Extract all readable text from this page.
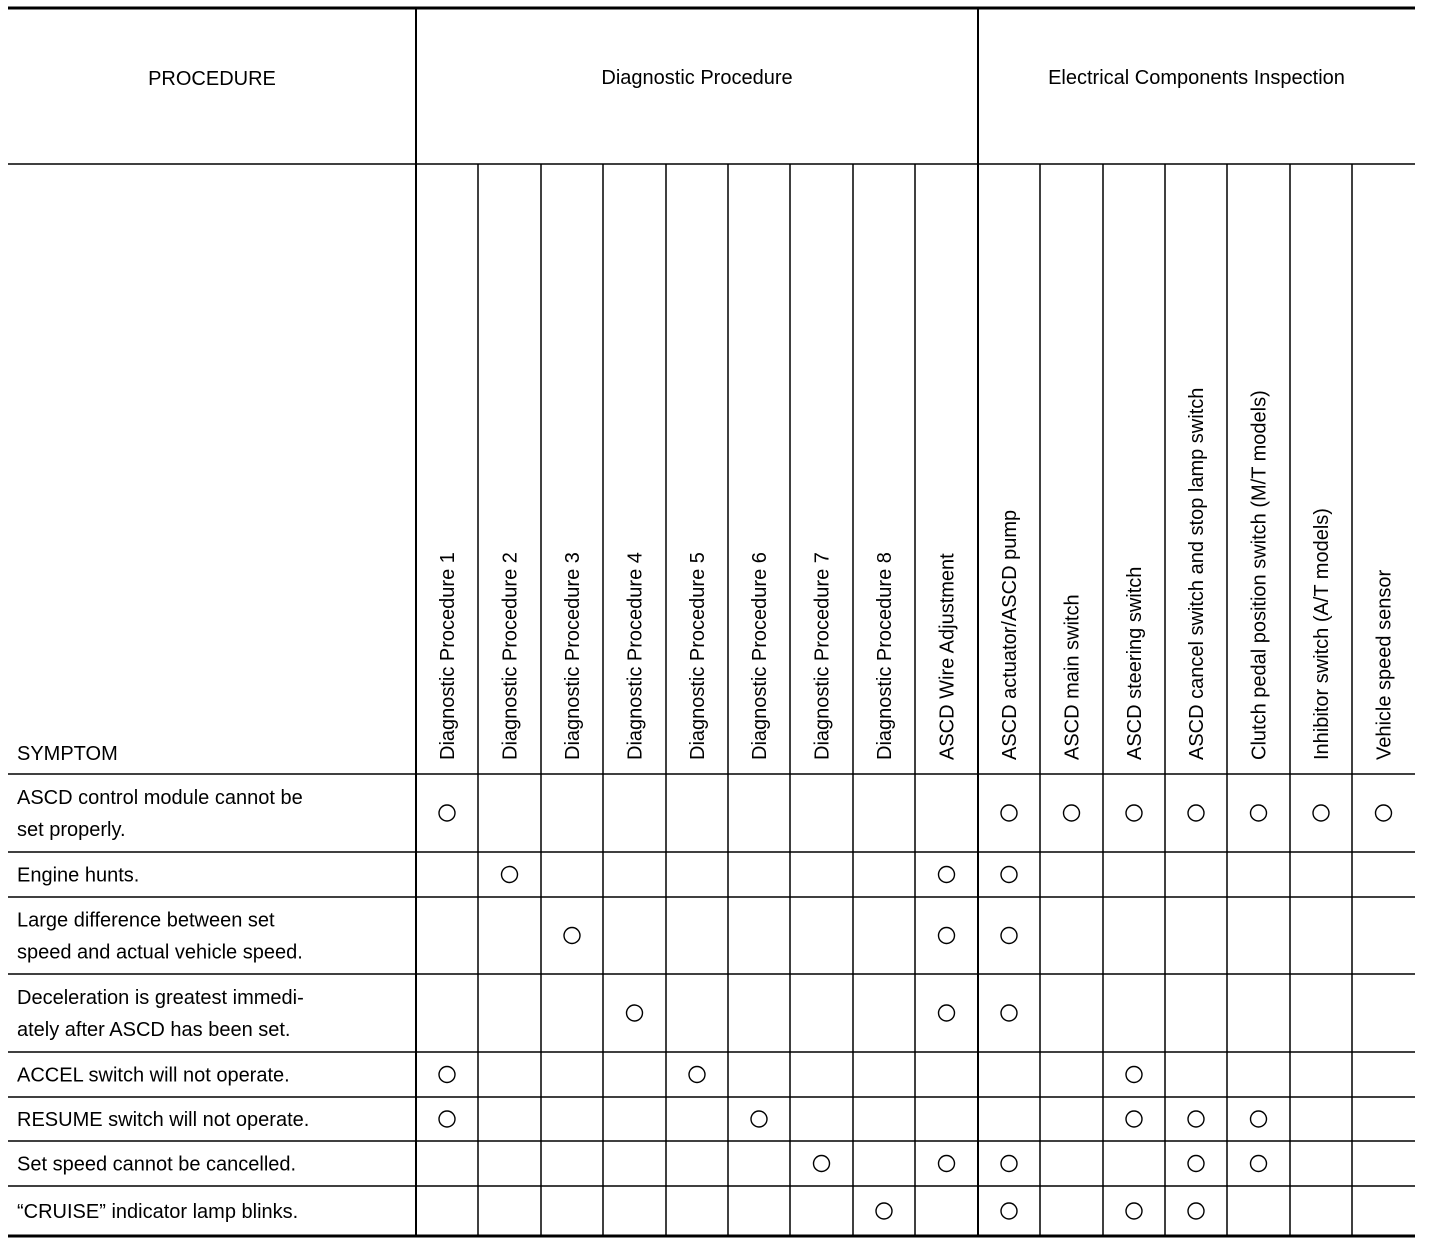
PROCEDURE
SYMPTOM
Diagnostic Procedure	Electrical Components Inspection
Diagnostic Procedure 1 Diagnostic Procedure 2 Diagnostic Procedure 3 Diagnostic Procedure 4 Diagnostic Procedure 5 Diagnostic Procedure 6 Diagnostic Procedure 7 Diagnostic Procedure 8 ASCD Wire Adjustment ASCD actuator/ASCD pump ASCD main switch ASCD steering switch ASCD cancel switch and stop lamp switch Clutch pedal position switch (M/T models) Inhibitor switch (A/T models) Vehicle speed sensor
ASCD control module cannot be
set properly.
Engine hunts.
Large difference between set
speed and actual vehicle speed.
Deceleration is greatest immedi-
ately after ASCD has been set.
ACCEL switch will not operate.
RESUME switch will not operate.
Set speed cannot be cancelled.
“CRUISE” indicator lamp blinks.
